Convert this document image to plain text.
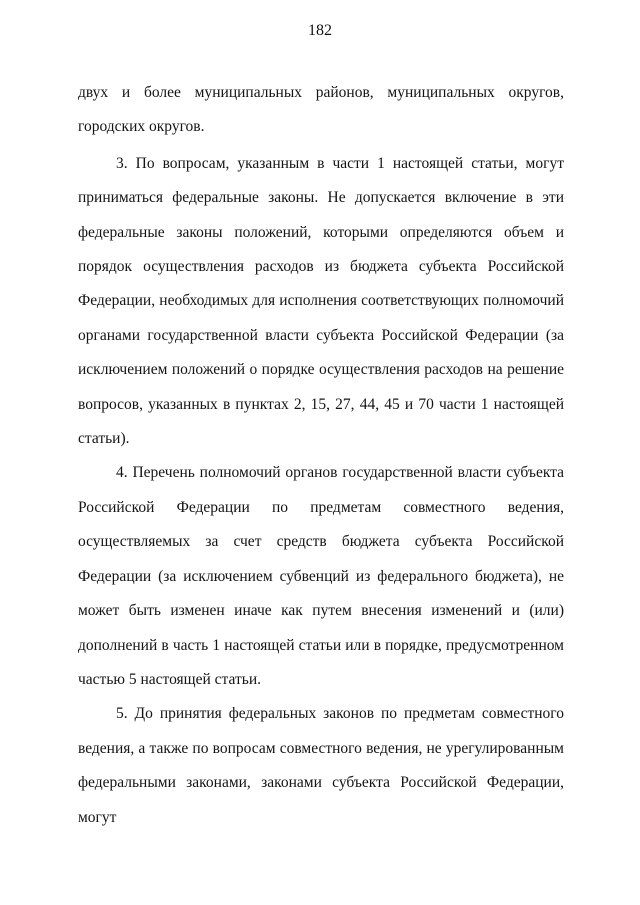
182

двух и более муниципальных районов, муниципальных округов, городских округов.

3. По вопросам, указанным в части 1 настоящей статьи, могут приниматься федеральные законы. Не допускается включение в эти федеральные законы положений, которыми определяются объем и порядок осуществления расходов из бюджета субъекта Российской Федерации, необходимых для исполнения соответствующих полномочий органами государственной власти субъекта Российской Федерации (за исключением положений о порядке осуществления расходов на решение вопросов, указанных в пунктах 2, 15, 27, 44, 45 и 70 части 1 настоящей статьи).

4. Перечень полномочий органов государственной власти субъекта Российской Федерации по предметам совместного ведения, осуществляемых за счет средств бюджета субъекта Российской Федерации (за исключением субвенций из федерального бюджета), не может быть изменен иначе как путем внесения изменений и (или) дополнений в часть 1 настоящей статьи или в порядке, предусмотренном частью 5 настоящей статьи.

5. До принятия федеральных законов по предметам совместного ведения, а также по вопросам совместного ведения, не урегулированным федеральными законами, законами субъекта Российской Федерации, могут
